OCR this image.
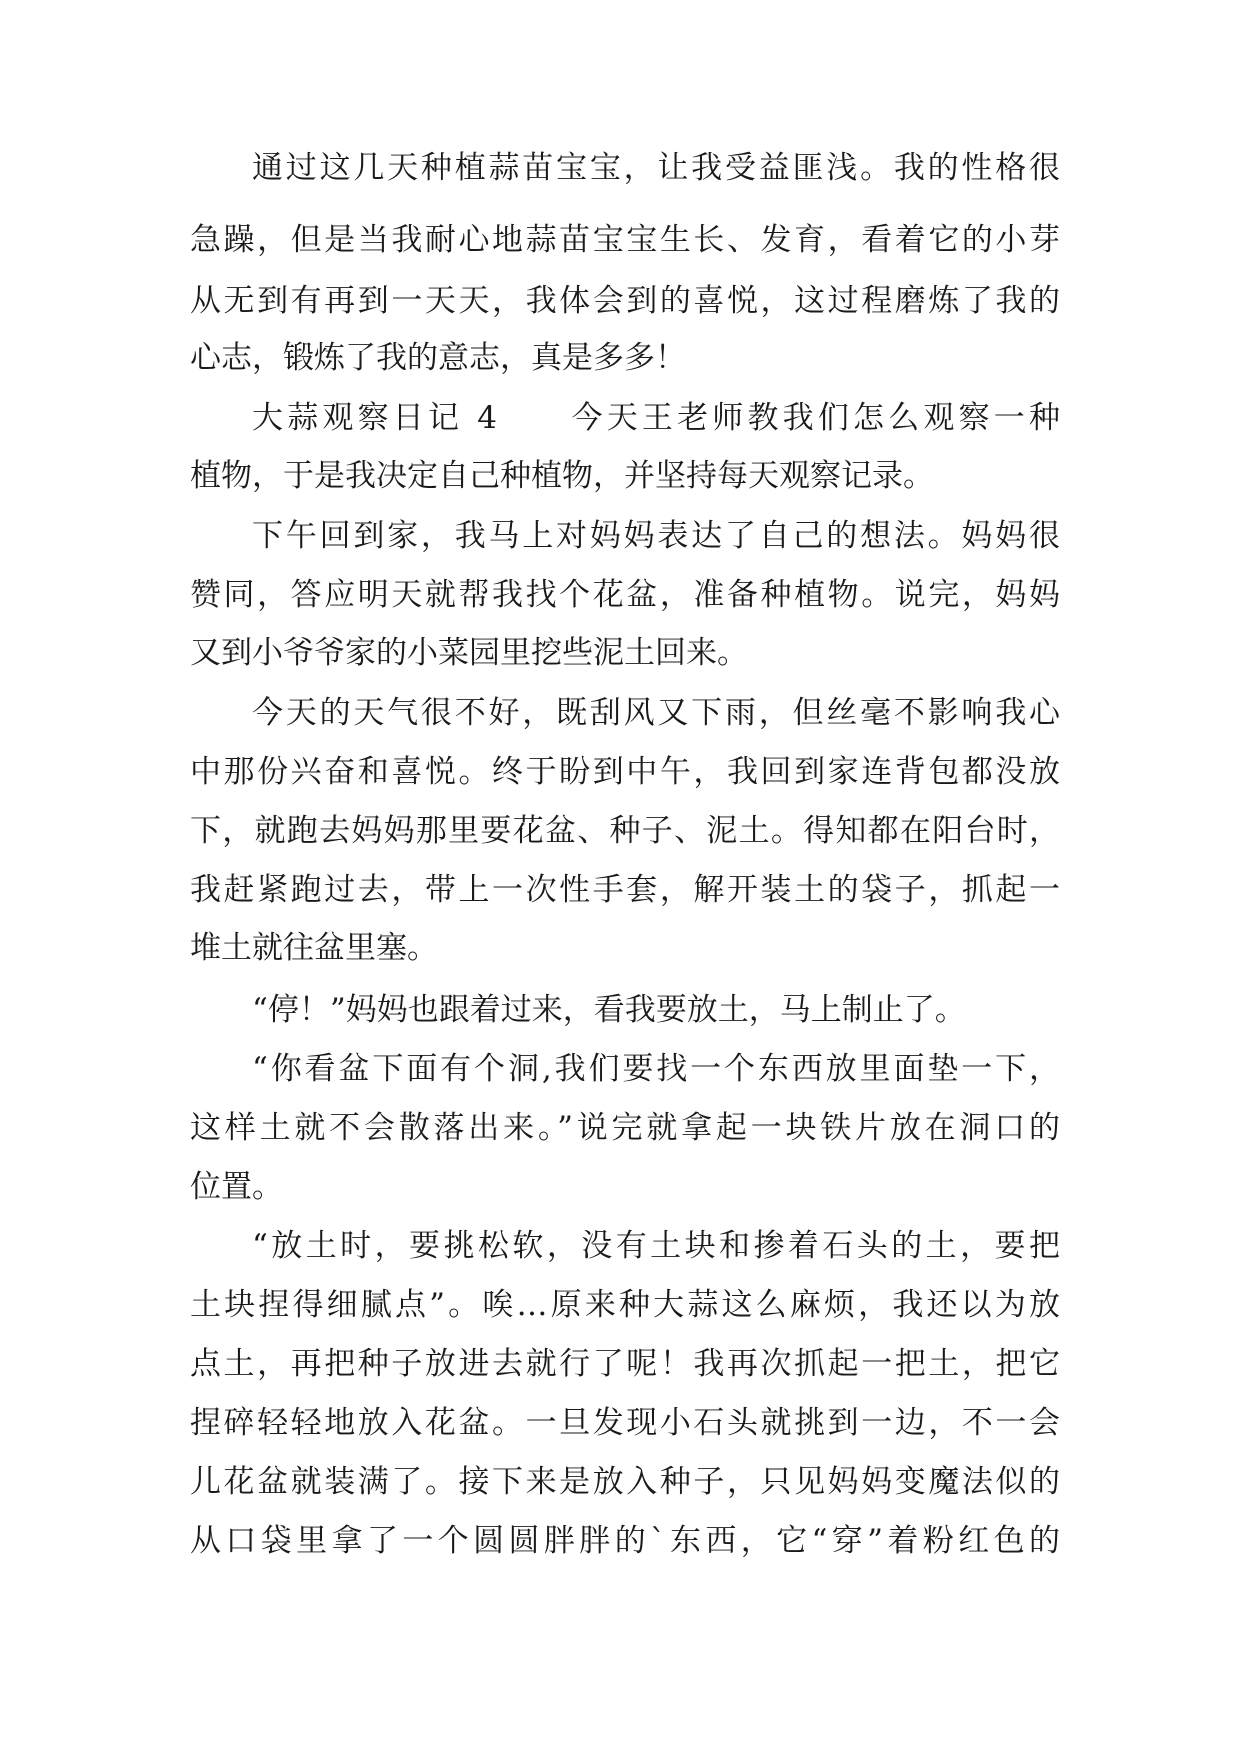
通过这几天种植蒜苗宝宝，让我受益匪浅。我的性格很
急躁，但是当我耐心地蒜苗宝宝生长、发育，看着它的小芽
从无到有再到一天天，我体会到的喜悦，这过程磨炼了我的
心志，锻炼了我的意志，真是多多！
大蒜观察日记 4　　今天王老师教我们怎么观察一种
植物，于是我决定自己种植物，并坚持每天观察记录。
下午回到家，我马上对妈妈表达了自己的想法。妈妈很
赞同，答应明天就帮我找个花盆，准备种植物。说完，妈妈
又到小爷爷家的小菜园里挖些泥土回来。
今天的天气很不好，既刮风又下雨，但丝毫不影响我心
中那份兴奋和喜悦。终于盼到中午，我回到家连背包都没放
下，就跑去妈妈那里要花盆、种子、泥土。得知都在阳台时，
我赶紧跑过去，带上一次性手套，解开装土的袋子，抓起一
堆土就往盆里塞。
“停！”妈妈也跟着过来，看我要放土，马上制止了。
“你看盆下面有个洞,我们要找一个东西放里面垫一下，
这样土就不会散落出来。”说完就拿起一块铁片放在洞口的
位置。
“放土时，要挑松软，没有土块和掺着石头的土，要把
土块捏得细腻点”。唉…原来种大蒜这么麻烦，我还以为放
点土，再把种子放进去就行了呢！我再次抓起一把土，把它
捏碎轻轻地放入花盆。一旦发现小石头就挑到一边，不一会
儿花盆就装满了。接下来是放入种子，只见妈妈变魔法似的
从口袋里拿了一个圆圆胖胖的`东西，它“穿”着粉红色的
